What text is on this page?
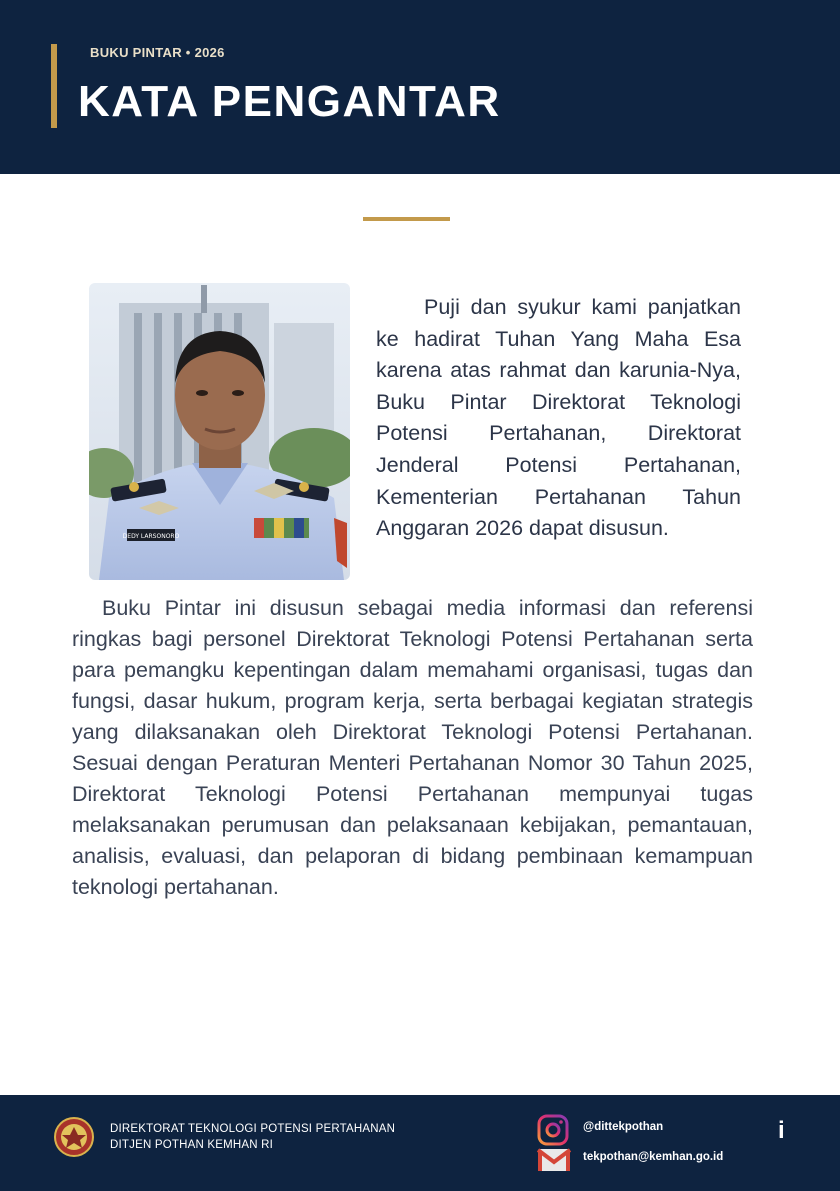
BUKU PINTAR • 2026
KATA PENGANTAR
DEDY LARSONORO

Puji dan syukur kami panjatkan ke hadirat Tuhan Yang Maha Esa karena atas rahmat dan karunia-Nya, Buku Pintar Direktorat Teknologi Potensi Pertahanan, Direktorat Jenderal Potensi Pertahanan, Kementerian Pertahanan Tahun Anggaran 2026 dapat disusun.

Buku Pintar ini disusun sebagai media informasi dan referensi ringkas bagi personel Direktorat Teknologi Potensi Pertahanan serta para pemangku kepentingan dalam memahami organisasi, tugas dan fungsi, dasar hukum, program kerja, serta berbagai kegiatan strategis yang dilaksanakan oleh Direktorat Teknologi Potensi Pertahanan. Sesuai dengan Peraturan Menteri Pertahanan Nomor 30 Tahun 2025, Direktorat Teknologi Potensi Pertahanan mempunyai tugas melaksanakan perumusan dan pelaksanaan kebijakan, pemantauan, analisis, evaluasi, dan pelaporan di bidang pembinaan kemampuan teknologi pertahanan.

DIREKTORAT TEKNOLOGI POTENSI PERTAHANAN
DITJEN POTHAN KEMHAN RI
@dittekpothan
tekpothan@kemhan.go.id
i
